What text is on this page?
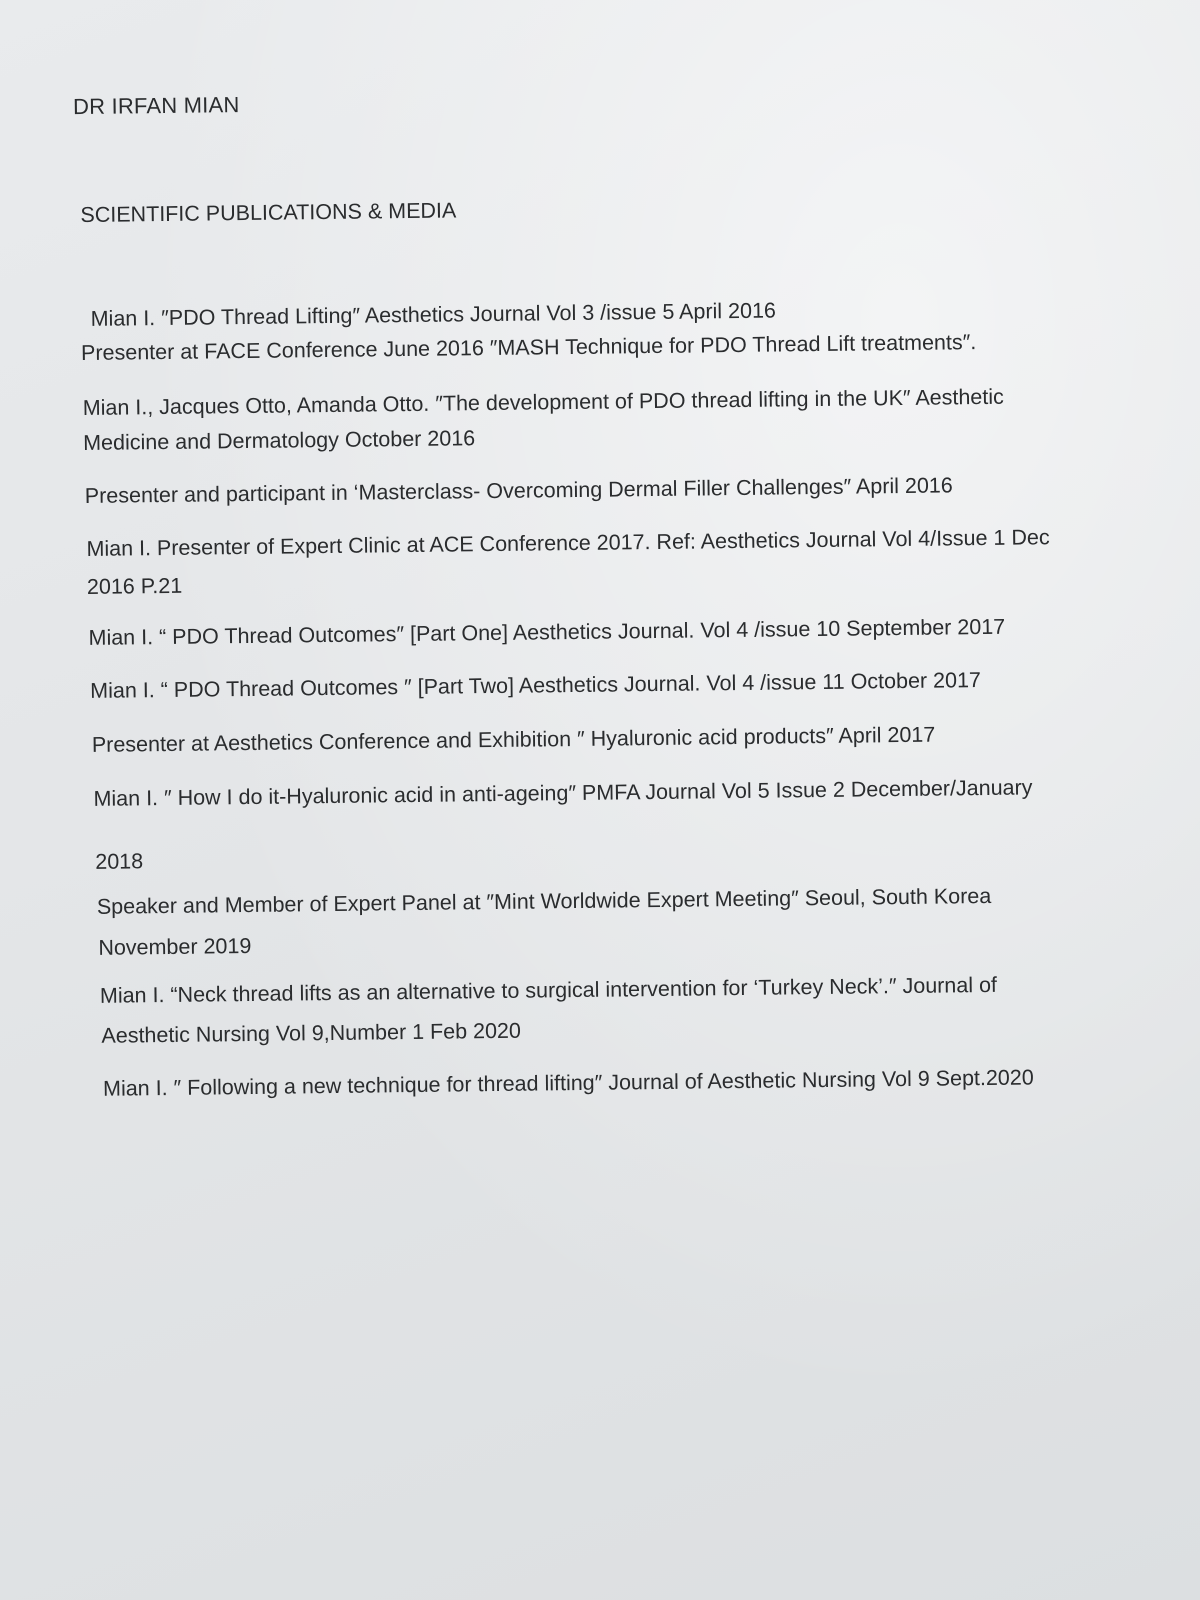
DR IRFAN MIAN
SCIENTIFIC PUBLICATIONS & MEDIA

Mian I. ″PDO Thread Lifting″ Aesthetics Journal Vol 3 /issue 5 April 2016

Presenter at FACE Conference June 2016 ″MASH Technique for PDO Thread Lift treatments″.

Mian I., Jacques Otto, Amanda Otto. ″The development of PDO thread lifting in the UK″ Aesthetic

Medicine and Dermatology October 2016

Presenter and participant in ‘Masterclass- Overcoming Dermal Filler Challenges″ April 2016

Mian I. Presenter of Expert Clinic at ACE Conference 2017. Ref: Aesthetics Journal Vol 4/Issue 1 Dec

2016 P.21

Mian I. “ PDO Thread Outcomes″ [Part One] Aesthetics Journal. Vol 4 /issue 10 September 2017

Mian I. “ PDO Thread Outcomes ″ [Part Two] Aesthetics Journal. Vol 4 /issue 11 October 2017

Presenter at Aesthetics Conference and Exhibition ″ Hyaluronic acid products″ April 2017

Mian I. ″ How I do it-Hyaluronic acid in anti-ageing″ PMFA Journal Vol 5 Issue 2 December/January

2018

Speaker and Member of Expert Panel at ″Mint Worldwide Expert Meeting″ Seoul, South Korea

November 2019

Mian I. “Neck thread lifts as an alternative to surgical intervention for ‘Turkey Neck’.″ Journal of

Aesthetic Nursing Vol 9,Number 1 Feb 2020

Mian I. ″ Following a new technique for thread lifting″ Journal of Aesthetic Nursing Vol 9 Sept.2020
